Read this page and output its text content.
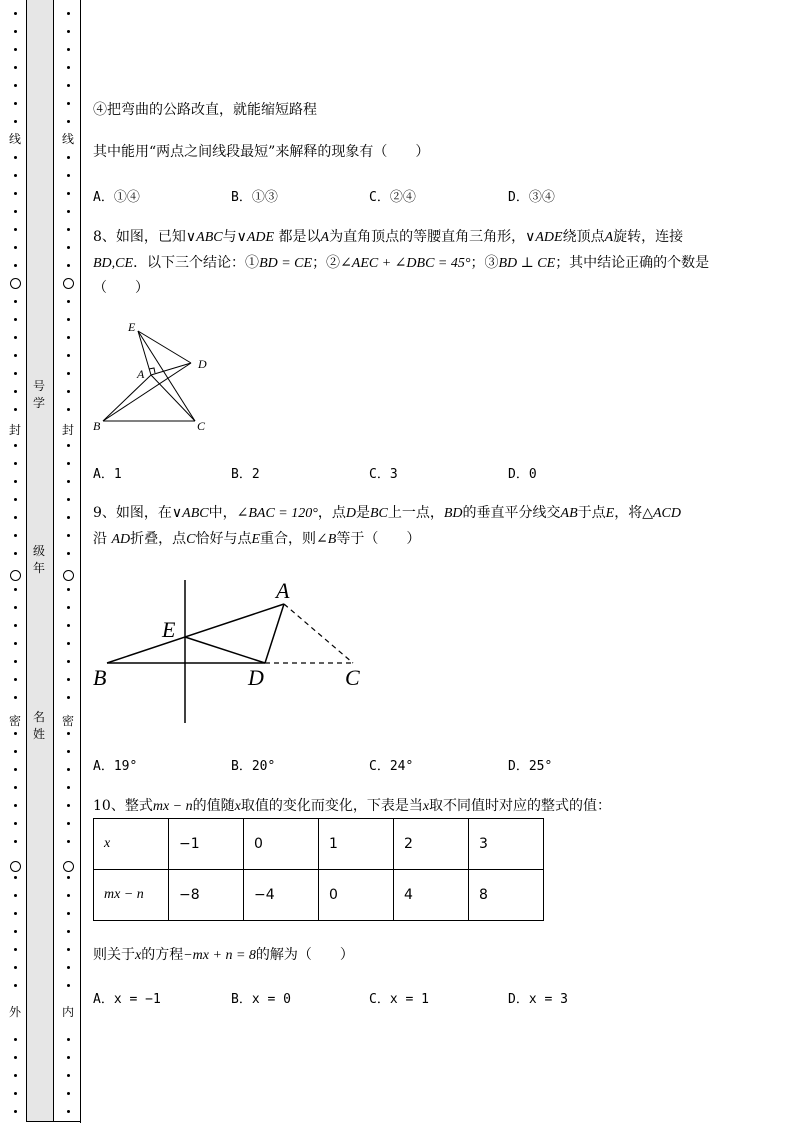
线
封
密
外
线
封
密
内
号
学
级
年
名
姓
④把弯曲的公路改直，就能缩短路程
其中能用“两点之间线段最短”来解释的现象有（　　）
A．①④	B．①③	C．②④	D．③④
8、如图，已知∨ABC与∨ADE 都是以A为直角顶点的等腰直角三角形，∨ADE绕顶点A旋转，连接
BD,CE．以下三个结论：①BD = CE；②∠AEC + ∠DBC = 45°；③BD ⊥ CE；其中结论正确的个数是
（　　）
E
A
D
B	C
A．1	B．2	C．3	D．0
9、如图，在∨ABC中，∠BAC = 120°，点D是BC上一点，BD的垂直平分线交AB于点E，将△ACD
沿 AD折叠，点C恰好与点E重合，则∠B等于（　　）
A
E
B	D	C
A．19°	B．20°	C．24°	D．25°
10、整式mx − n的值随x取值的变化而变化，下表是当x取不同值时对应的整式的值：
x	−1	0	1	2	3
mx − n	−8	−4	0	4	8
则关于x的方程−mx + n = 8的解为（　　）
A．x = −1	B．x = 0	C．x = 1	D．x = 3
